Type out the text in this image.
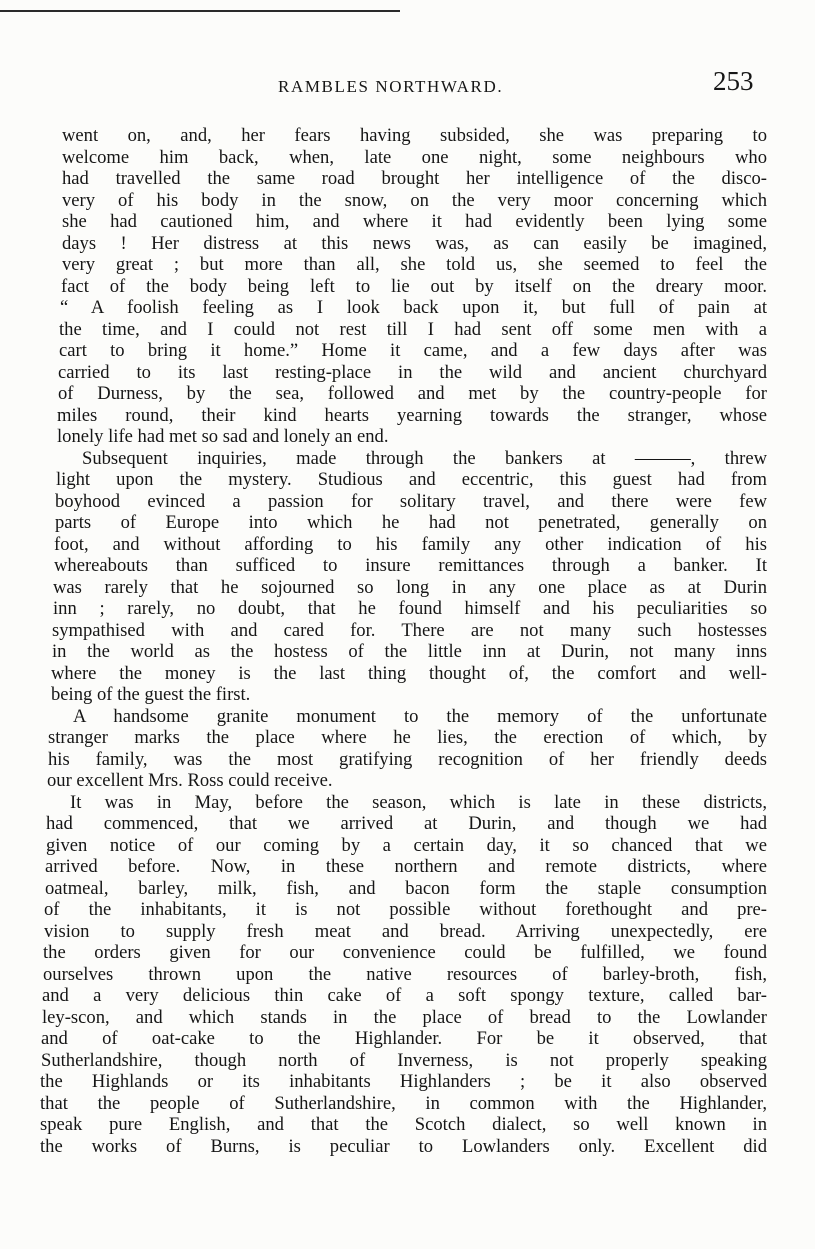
RAMBLES NORTHWARD.	253
went on, and, her fears having subsided, she was preparing to
welcome him back, when, late one night, some neighbours who
had travelled the same road brought her intelligence of the disco-
very of his body in the snow, on the very moor concerning which
she had cautioned him, and where it had evidently been lying some
days ! Her distress at this news was, as can easily be imagined,
very great ; but more than all, she told us, she seemed to feel the
fact of the body being left to lie out by itself on the dreary moor.
“ A foolish feeling as I look back upon it, but full of pain at
the time, and I could not rest till I had sent off some men with a
cart to bring it home.” Home it came, and a few days after was
carried to its last resting-place in the wild and ancient churchyard
of Durness, by the sea, followed and met by the country-people for
miles round, their kind hearts yearning towards the stranger, whose
lonely life had met so sad and lonely an end.
Subsequent inquiries, made through the bankers at ———, threw
light upon the mystery. Studious and eccentric, this guest had from
boyhood evinced a passion for solitary travel, and there were few
parts of Europe into which he had not penetrated, generally on
foot, and without affording to his family any other indication of his
whereabouts than sufficed to insure remittances through a banker. It
was rarely that he sojourned so long in any one place as at Durin
inn ; rarely, no doubt, that he found himself and his peculiarities so
sympathised with and cared for. There are not many such hostesses
in the world as the hostess of the little inn at Durin, not many inns
where the money is the last thing thought of, the comfort and well-
being of the guest the first.
A handsome granite monument to the memory of the unfortunate
stranger marks the place where he lies, the erection of which, by
his family, was the most gratifying recognition of her friendly deeds
our excellent Mrs. Ross could receive.
It was in May, before the season, which is late in these districts,
had commenced, that we arrived at Durin, and though we had
given notice of our coming by a certain day, it so chanced that we
arrived before. Now, in these northern and remote districts, where
oatmeal, barley, milk, fish, and bacon form the staple consumption
of the inhabitants, it is not possible without forethought and pre-
vision to supply fresh meat and bread. Arriving unexpectedly, ere
the orders given for our convenience could be fulfilled, we found
ourselves thrown upon the native resources of barley-broth, fish,
and a very delicious thin cake of a soft spongy texture, called bar-
ley-scon, and which stands in the place of bread to the Lowlander
and of oat-cake to the Highlander. For be it observed, that
Sutherlandshire, though north of Inverness, is not properly speaking
the Highlands or its inhabitants Highlanders ; be it also observed
that the people of Sutherlandshire, in common with the Highlander,
speak pure English, and that the Scotch dialect, so well known in
the works of Burns, is peculiar to Lowlanders only. Excellent did
